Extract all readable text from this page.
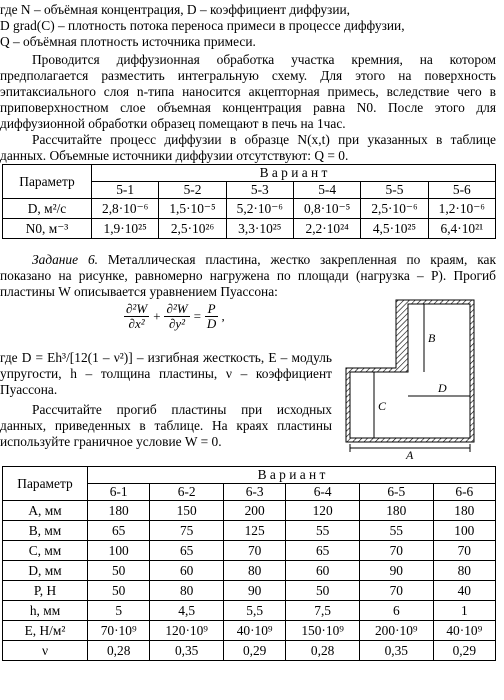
где N – объёмная концентрация, D – коэффициент диффузии,
D grad(C) – плотность потока переноса примеси в процессе диффузии,
Q – объёмная плотность источника примеси.

Проводится диффузионная обработка участка кремния, на котором предполагается разместить интегральную схему. Для этого на поверхность эпитаксиального слоя n-типа наносится акцепторная примесь, вследствие чего в приповерхностном слое объемная концентрация равна N0. После этого для диффузионной обработки образец помещают в печь на 1час.

Рассчитайте процесс диффузии в образце N(x,t) при указанных в таблице данных. Объемные источники диффузии отсутствуют: Q = 0.

Параметр	В а р и а н т					
	5-1	5-2	5-3	5-4	5-5	5-6
D, м²/с	2,8·10⁻⁶	1,5·10⁻⁵	5,2·10⁻⁶	0,8·10⁻⁵	2,5·10⁻⁶	1,2·10⁻⁶
N0, м⁻³	1,9·10²⁵	2,5·10²⁶	3,3·10²⁵	2,2·10²⁴	4,5·10²⁵	6,4·10²¹

Задание 6. Металлическая пластина, жестко закрепленная по краям, как показано на рисунке, равномерно нагружена по площади (нагрузка – P). Прогиб пластины W описывается уравнением Пуассона:

$\frac{\text{∂²W}}{\text{∂x²}} + \frac{\text{∂²W}}{\text{∂y²}} = \frac{P}{D}$ ,

где D = Eh³/[12(1 – ν²)] – изгибная жесткость, E – модуль упругости, h – толщина пластины, ν – коэффициент Пуассона.

Рассчитайте прогиб пластины при исходных данных, приведенных в таблице. На краях пластины используйте граничное условие W = 0.

A
B
C
D
Параметр	В а р и а н т					
	6-1	6-2	6-3	6-4	6-5	6-6
A, мм	180	150	200	120	180	180
B, мм	65	75	125	55	55	100
C, мм	100	65	70	65	70	70
D, мм	50	60	80	60	90	80
P, Н	50	80	90	50	70	40
h, мм	5	4,5	5,5	7,5	6	1
E, Н/м²	70·10⁹	120·10⁹	40·10⁹	150·10⁹	200·10⁹	40·10⁹
ν	0,28	0,35	0,29	0,28	0,35	0,29
